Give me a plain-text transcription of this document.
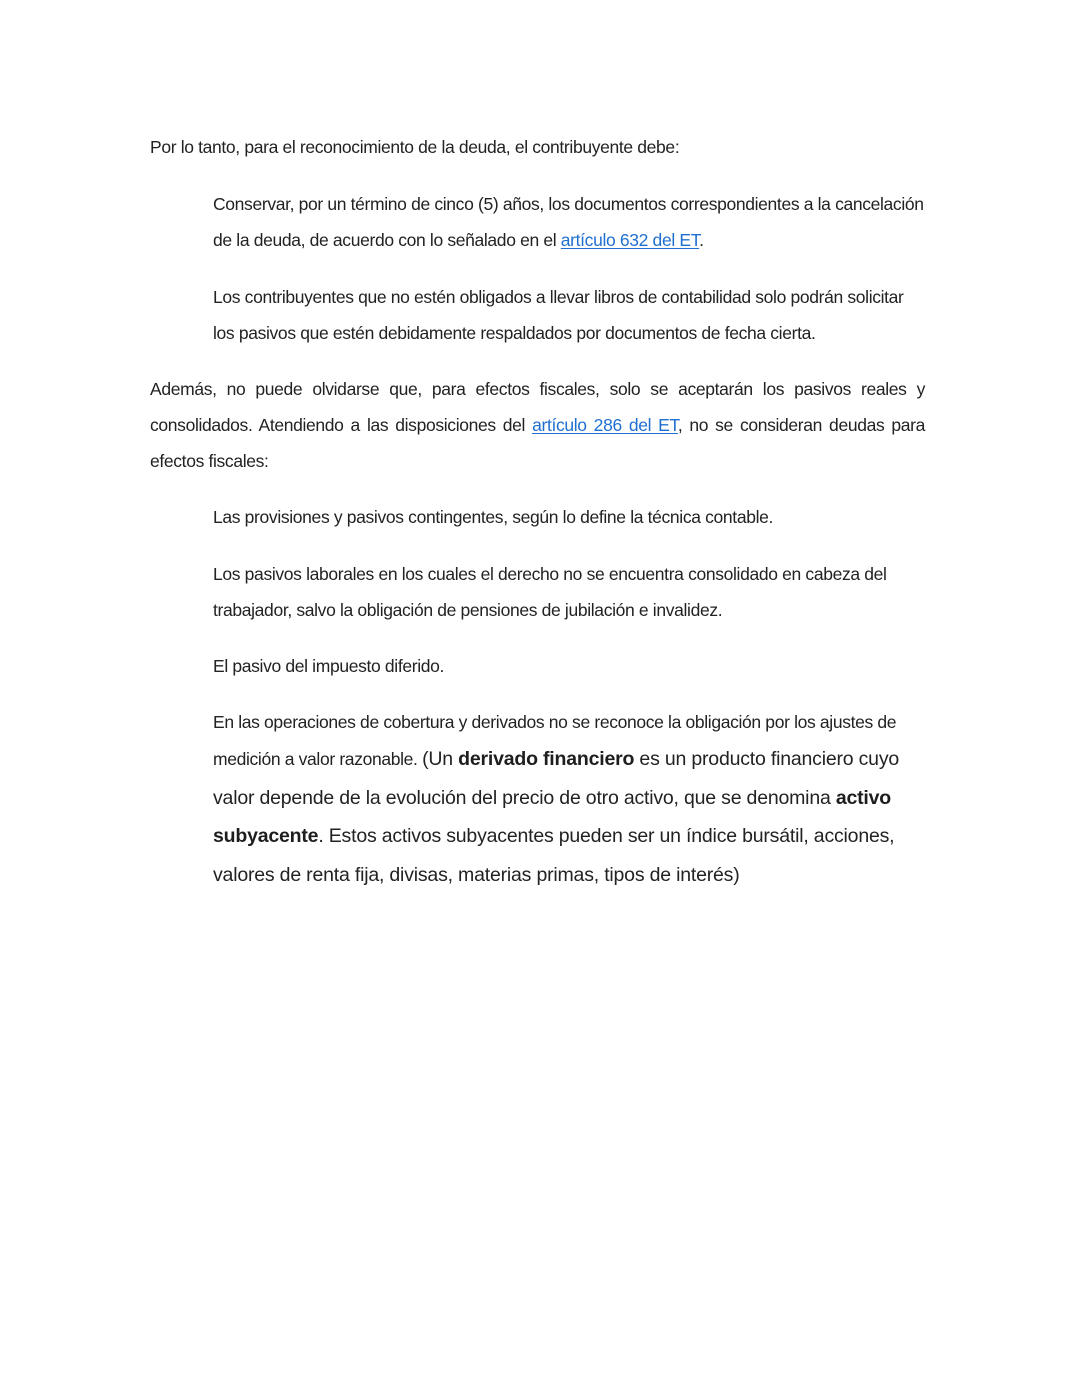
Por lo tanto, para el reconocimiento de la deuda, el contribuyente debe:

Conservar, por un término de cinco (5) años, los documentos correspondientes a la cancelación de la deuda, de acuerdo con lo señalado en el artículo 632 del ET.

Los contribuyentes que no estén obligados a llevar libros de contabilidad solo podrán solicitar los pasivos que estén debidamente respaldados por documentos de fecha cierta.

Además, no puede olvidarse que, para efectos fiscales, solo se aceptarán los pasivos reales y consolidados. Atendiendo a las disposiciones del artículo 286 del ET, no se consideran deudas para efectos fiscales:

Las provisiones y pasivos contingentes, según lo define la técnica contable.

Los pasivos laborales en los cuales el derecho no se encuentra consolidado en cabeza del trabajador, salvo la obligación de pensiones de jubilación e invalidez.

El pasivo del impuesto diferido.

En las operaciones de cobertura y derivados no se reconoce la obligación por los ajustes de medición a valor razonable. (Un derivado financiero es un producto financiero cuyo valor depende de la evolución del precio de otro activo, que se denomina activo subyacente. Estos activos subyacentes pueden ser un índice bursátil, acciones, valores de renta fija, divisas, materias primas, tipos de interés)
